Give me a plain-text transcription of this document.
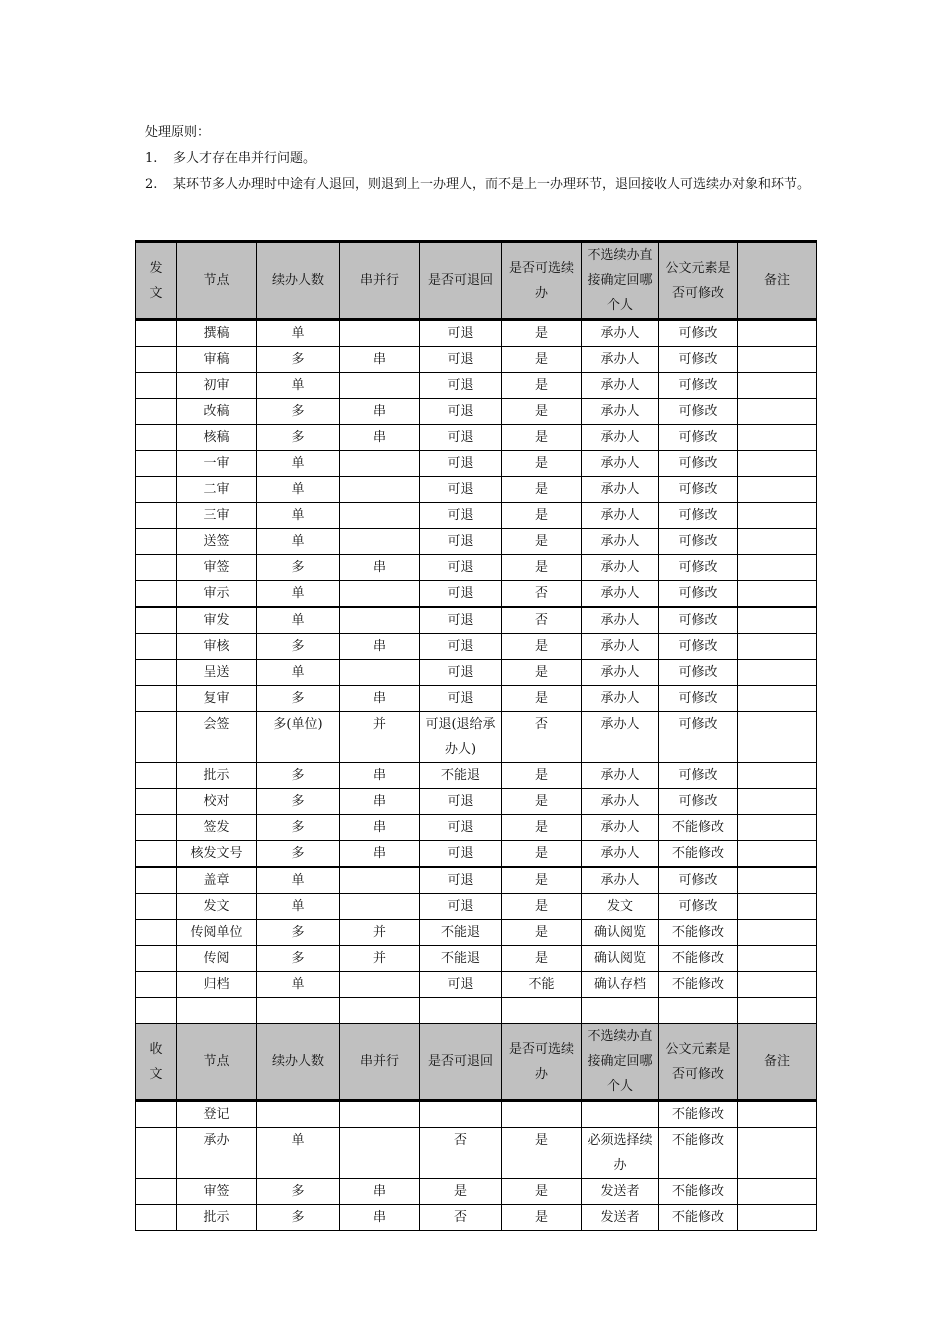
处理原则：
1. 多人才存在串并行问题。
2. 某环节多人办理时中途有人退回，则退到上一办理人，而不是上一办理环节，退回接收人可选续办对象和环节。
发文	节点	续办人数	串并行	是否可退回	是否可选续办	不选续办直接确定回哪个人	公文元素是否可修改	备注
	撰稿	单		可退	是	承办人	可修改	
	审稿	多	串	可退	是	承办人	可修改	
	初审	单		可退	是	承办人	可修改	
	改稿	多	串	可退	是	承办人	可修改	
	核稿	多	串	可退	是	承办人	可修改	
	一审	单		可退	是	承办人	可修改	
	二审	单		可退	是	承办人	可修改	
	三审	单		可退	是	承办人	可修改	
	送签	单		可退	是	承办人	可修改	
	审签	多	串	可退	是	承办人	可修改	
	审示	单		可退	否	承办人	可修改	
	审发	单		可退	否	承办人	可修改	
	审核	多	串	可退	是	承办人	可修改	
	呈送	单		可退	是	承办人	可修改	
	复审	多	串	可退	是	承办人	可修改	
	会签	多(单位)	并	可退(退给承办人)	否	承办人	可修改	
	批示	多	串	不能退	是	承办人	可修改	
	校对	多	串	可退	是	承办人	可修改	
	签发	多	串	可退	是	承办人	不能修改	
	核发文号	多	串	可退	是	承办人	不能修改	
	盖章	单		可退	是	承办人	可修改	
	发文	单		可退	是	发文	可修改	
	传阅单位	多	并	不能退	是	确认阅览	不能修改	
	传阅	多	并	不能退	是	确认阅览	不能修改	
	归档	单		可退	不能	确认存档	不能修改	

收文	节点	续办人数	串并行	是否可退回	是否可选续办	不选续办直接确定回哪个人	公文元素是否可修改	备注
	登记						不能修改	
	承办	单		否	是	必须选择续办	不能修改	
	审签	多	串	是	是	发送者	不能修改	
	批示	多	串	否	是	发送者	不能修改	
